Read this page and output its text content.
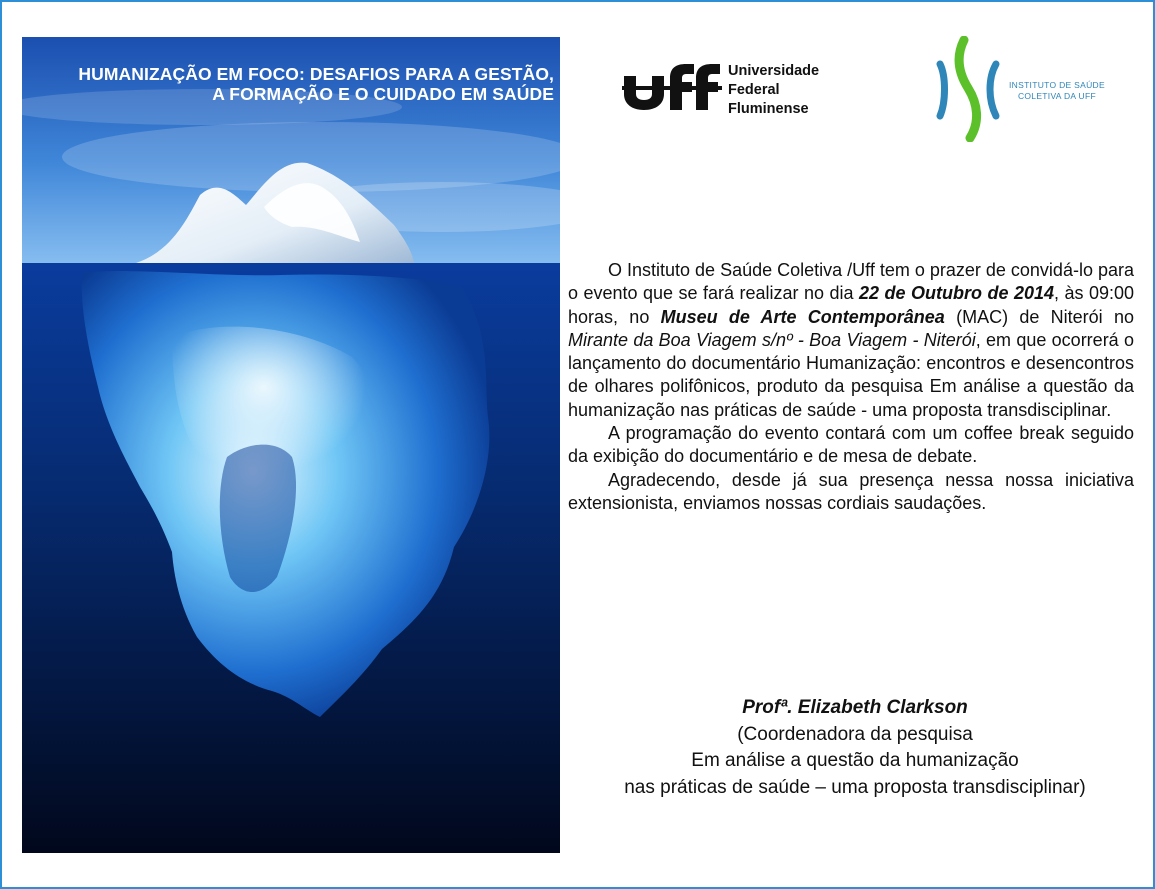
HUMANIZAÇÃO EM FOCO: DESAFIOS PARA A GESTÃO,
A FORMAÇÃO E O CUIDADO EM SAÚDE
Universidade
Federal
Fluminense
INSTITUTO DE SAÚDE
COLETIVA DA UFF

O Instituto de Saúde Coletiva /Uff tem o prazer de convidá-lo para o evento que se fará realizar no dia 22 de Outubro de 2014, às 09:00 horas, no Museu de Arte Contemporânea (MAC) de Niterói no Mirante da Boa Viagem s/nº - Boa Viagem - Niterói, em que ocorrerá o lançamento do documentário Humanização: encontros e desencontros de olhares polifônicos, produto da pesquisa Em análise a questão da humanização nas práticas de saúde - uma proposta transdisciplinar.

A programação do evento contará com um coffee break seguido da exibição do documentário e de mesa de debate.

Agradecendo, desde já sua presença nessa nossa iniciativa extensionista, enviamos nossas cordiais saudações.

Profª. Elizabeth Clarkson
(Coordenadora da pesquisa
Em análise a questão da humanização
nas práticas de saúde – uma proposta transdisciplinar)
